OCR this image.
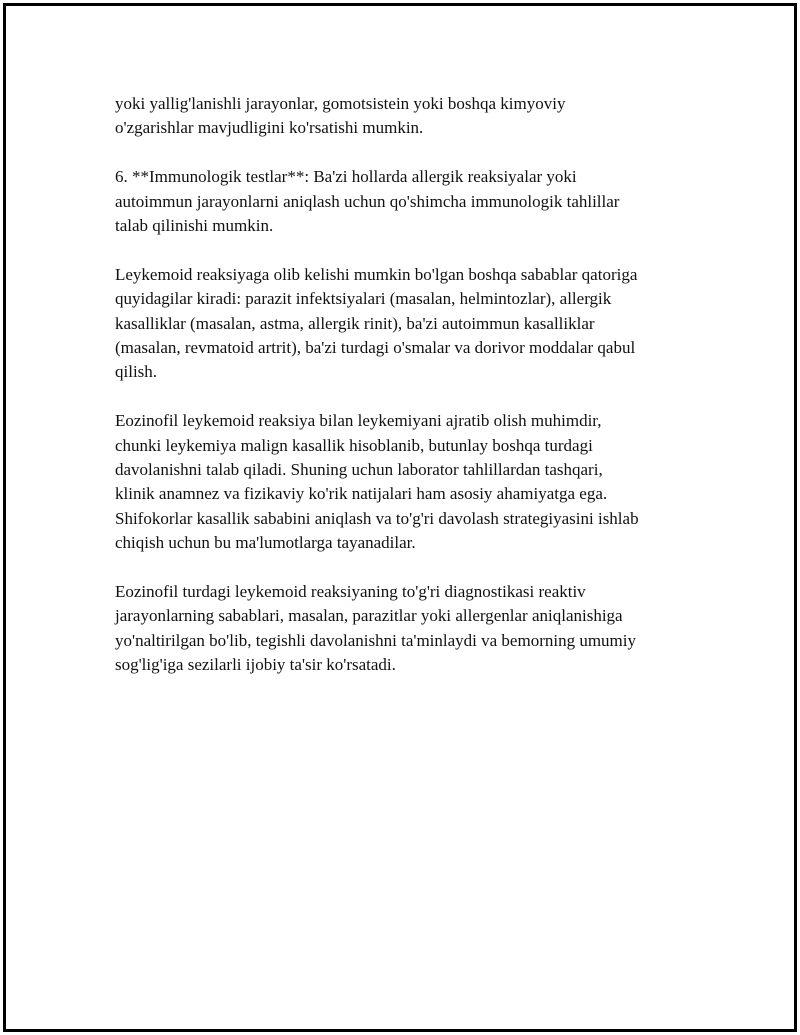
yoki yallig'lanishli jarayonlar, gomotsistein yoki boshqa kimyoviy
o'zgarishlar mavjudligini ko'rsatishi mumkin.
6. **Immunologik testlar**: Ba'zi hollarda allergik reaksiyalar yoki
autoimmun jarayonlarni aniqlash uchun qo'shimcha immunologik tahlillar
talab qilinishi mumkin.
Leykemoid reaksiyaga olib kelishi mumkin bo'lgan boshqa sabablar qatoriga
quyidagilar kiradi: parazit infektsiyalari (masalan, helmintozlar), allergik
kasalliklar (masalan, astma, allergik rinit), ba'zi autoimmun kasalliklar
(masalan, revmatoid artrit), ba'zi turdagi o'smalar va dorivor moddalar qabul
qilish.
Eozinofil leykemoid reaksiya bilan leykemiyani ajratib olish muhimdir,
chunki leykemiya malign kasallik hisoblanib, butunlay boshqa turdagi
davolanishni talab qiladi. Shuning uchun laborator tahlillardan tashqari,
klinik anamnez va fizikaviy ko'rik natijalari ham asosiy ahamiyatga ega.
Shifokorlar kasallik sababini aniqlash va to'g'ri davolash strategiyasini ishlab
chiqish uchun bu ma'lumotlarga tayanadilar.
Eozinofil turdagi leykemoid reaksiyaning to'g'ri diagnostikasi reaktiv
jarayonlarning sabablari, masalan, parazitlar yoki allergenlar aniqlanishiga
yo'naltirilgan bo'lib, tegishli davolanishni ta'minlaydi va bemorning umumiy
sog'lig'iga sezilarli ijobiy ta'sir ko'rsatadi.
